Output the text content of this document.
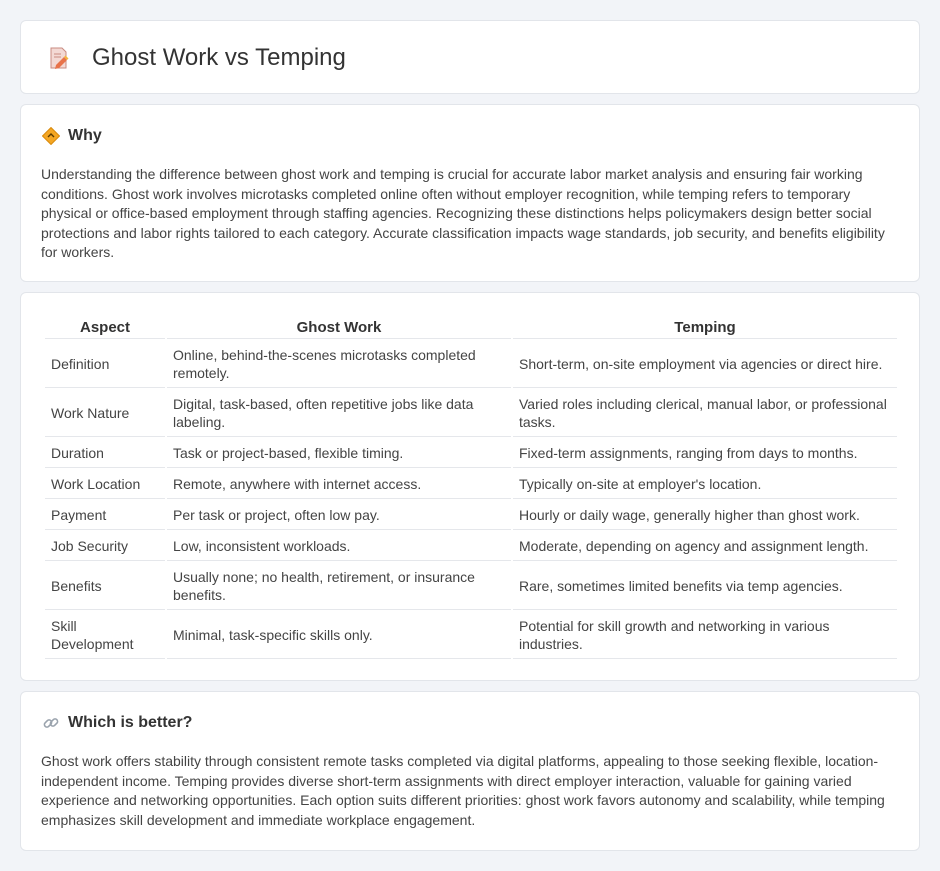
Ghost Work vs Temping
Why

Understanding the difference between ghost work and temping is crucial for accurate labor market analysis and ensuring fair working conditions. Ghost work involves microtasks completed online often without employer recognition, while temping refers to temporary physical or office-based employment through staffing agencies. Recognizing these distinctions helps policymakers design better social protections and labor rights tailored to each category. Accurate classification impacts wage standards, job security, and benefits eligibility for workers.

Aspect	Ghost Work	Temping
Definition	Online, behind-the-scenes microtasks completed remotely.	Short-term, on-site employment via agencies or direct hire.
Work Nature	Digital, task-based, often repetitive jobs like data labeling.	Varied roles including clerical, manual labor, or professional tasks.
Duration	Task or project-based, flexible timing.	Fixed-term assignments, ranging from days to months.
Work Location	Remote, anywhere with internet access.	Typically on-site at employer's location.
Payment	Per task or project, often low pay.	Hourly or daily wage, generally higher than ghost work.
Job Security	Low, inconsistent workloads.	Moderate, depending on agency and assignment length.
Benefits	Usually none; no health, retirement, or insurance benefits.	Rare, sometimes limited benefits via temp agencies.
Skill Development	Minimal, task-specific skills only.	Potential for skill growth and networking in various industries.
Which is better?

Ghost work offers stability through consistent remote tasks completed via digital platforms, appealing to those seeking flexible, location-independent income. Temping provides diverse short-term assignments with direct employer interaction, valuable for gaining varied experience and networking opportunities. Each option suits different priorities: ghost work favors autonomy and scalability, while temping emphasizes skill development and immediate workplace engagement.
